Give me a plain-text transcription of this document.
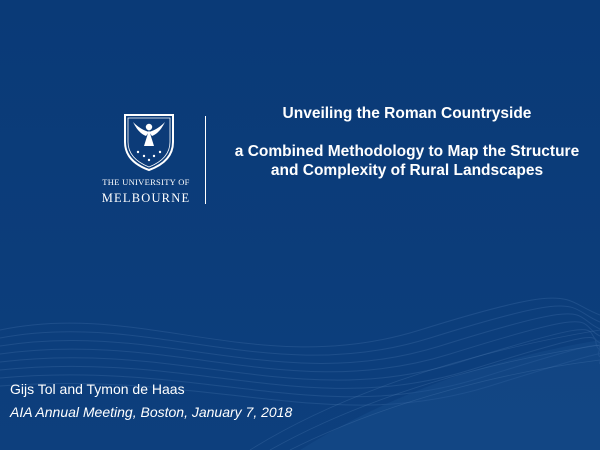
THE UNIVERSITY OF
MELBOURNE

Unveiling the Roman Countryside

a Combined Methodology to Map the Structure and Complexity of Rural Landscapes

Gijs Tol and Tymon de Haas
AIA Annual Meeting, Boston, January 7, 2018
